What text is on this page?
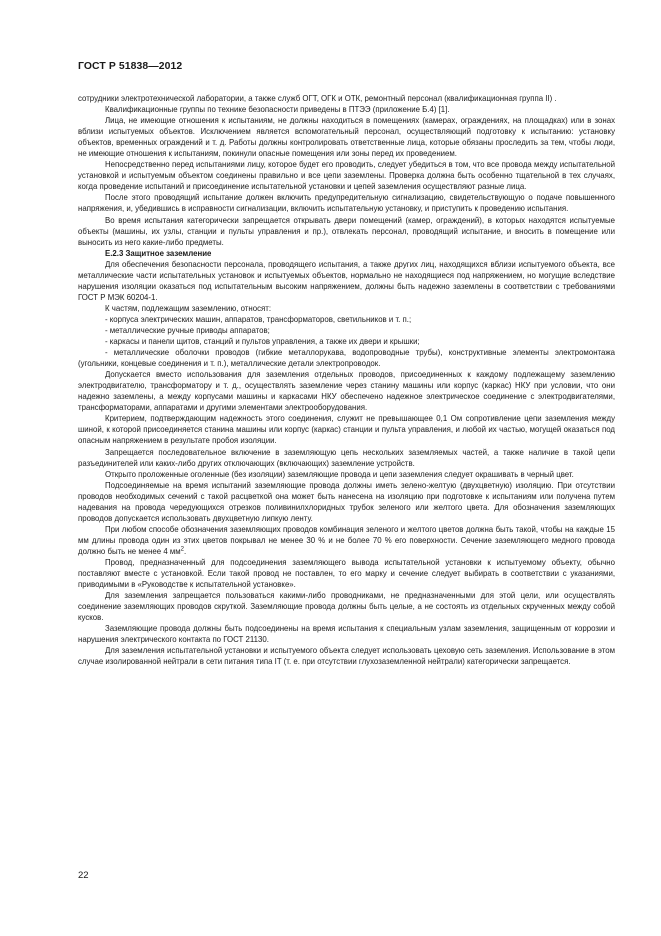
ГОСТ Р 51838—2012

сотрудники электротехнической лаборатории, а также служб ОГТ, ОГК и ОТК, ремонтный персонал (квалификационная группа II) .

Квалификационные группы по технике безопасности приведены в ПТЭЭ (приложение Б.4) [1].

Лица, не имеющие отношения к испытаниям, не должны находиться в помещениях (камерах, ограждениях, на площадках) или в зонах вблизи испытуемых объектов. Исключением является вспомогательный персонал, осуществляющий подготовку к испытанию: установку объектов, временных ограждений и т. д. Работы должны контролировать ответственные лица, которые обязаны проследить за тем, чтобы люди, не имеющие отношения к испытаниям, покинули опасные помещения или зоны перед их проведением.

Непосредственно перед испытаниями лицу, которое будет его проводить, следует убедиться в том, что все провода между испытательной установкой и испытуемым объектом соединены правильно и все цепи заземлены. Проверка должна быть особенно тщательной в тех случаях, когда проведение испытаний и присоединение испытательной установки и цепей заземления осуществляют разные лица.

После этого проводящий испытание должен включить предупредительную сигнализацию, свидетельствующую о подаче повышенного напряжения, и, убедившись в исправности сигнализации, включить испытательную установку, и приступить к проведению испытания.

Во время испытания категорически запрещается открывать двери помещений (камер, ограждений), в которых находятся испытуемые объекты (машины, их узлы, станции и пульты управления и пр.), отвлекать персонал, проводящий испытание, и вносить в помещение или выносить из него какие-либо предметы.

Е.2.3 Защитное заземление

Для обеспечения безопасности персонала, проводящего испытания, а также других лиц, находящихся вблизи испытуемого объекта, все металлические части испытательных установок и испытуемых объектов, нормально не находящиеся под напряжением, но могущие вследствие нарушения изоляции оказаться под испытательным высоким напряжением, должны быть надежно заземлены в соответствии с требованиями ГОСТ Р МЭК 60204-1.

К частям, подлежащим заземлению, относят:

- корпуса электрических машин, аппаратов, трансформаторов, светильников и т. п.;

- металлические ручные приводы аппаратов;

- каркасы и панели щитов, станций и пультов управления, а также их двери и крышки;

- металлические оболочки проводов (гибкие металлорукава, водопроводные трубы), конструктивные элементы электромонтажа (угольники, концевые соединения и т. п.), металлические детали электропроводок.

Допускается вместо использования для заземления отдельных проводов, присоединенных к каждому подлежащему заземлению электродвигателю, трансформатору и т. д., осуществлять заземление через станину машины или корпус (каркас) НКУ при условии, что они надежно заземлены, а между корпусами машины и каркасами НКУ обеспечено надежное электрическое соединение с электродвигателями, трансформаторами, аппаратами и другими элементами электрооборудования.

Критерием, подтверждающим надежность этого соединения, служит не превышающее 0,1 Ом сопротивление цепи заземления между шиной, к которой присоединяется станина машины или корпус (каркас) станции и пульта управления, и любой их частью, могущей оказаться под опасным напряжением в результате пробоя изоляции.

Запрещается последовательное включение в заземляющую цепь нескольких заземляемых частей, а также наличие в такой цепи разъединителей или каких-либо других отключающих (включающих) заземление устройств.

Открыто проложенные оголенные (без изоляции) заземляющие провода и цепи заземления следует окрашивать в черный цвет.

Подсоединяемые на время испытаний заземляющие провода должны иметь зелено-желтую (двухцветную) изоляцию. При отсутствии проводов необходимых сечений с такой расцветкой она может быть нанесена на изоляцию при подготовке к испытаниям или получена путем надевания на провода чередующихся отрезков поливинилхлоридных трубок зеленого или желтого цвета. Для обозначения заземляющих проводов допускается использовать двухцветную липкую ленту.

При любом способе обозначения заземляющих проводов комбинация зеленого и желтого цветов должна быть такой, чтобы на каждые 15 мм длины провода один из этих цветов покрывал не менее 30 % и не более 70 % его поверхности. Сечение заземляющего медного провода должно быть не менее 4 $мм^2$.

Провод, предназначенный для подсоединения заземляющего вывода испытательной установки к испытуемому объекту, обычно поставляют вместе с установкой. Если такой провод не поставлен, то его марку и сечение следует выбирать в соответствии с указаниями, приводимыми в «Руководстве к испытательной установке».

Для заземления запрещается пользоваться какими-либо проводниками, не предназначенными для этой цели, или осуществлять соединение заземляющих проводов скруткой. Заземляющие провода должны быть целые, а не состоять из отдельных скрученных между собой кусков.

Заземляющие провода должны быть подсоединены на время испытания к специальным узлам заземления, защищенным от коррозии и нарушения электрического контакта по ГОСТ 21130.

Для заземления испытательной установки и испытуемого объекта следует использовать цеховую сеть заземления. Использование в этом случае изолированной нейтрали в сети питания типа IT (т. е. при отсутствии глухозаземленной нейтрали) категорически запрещается.

22
